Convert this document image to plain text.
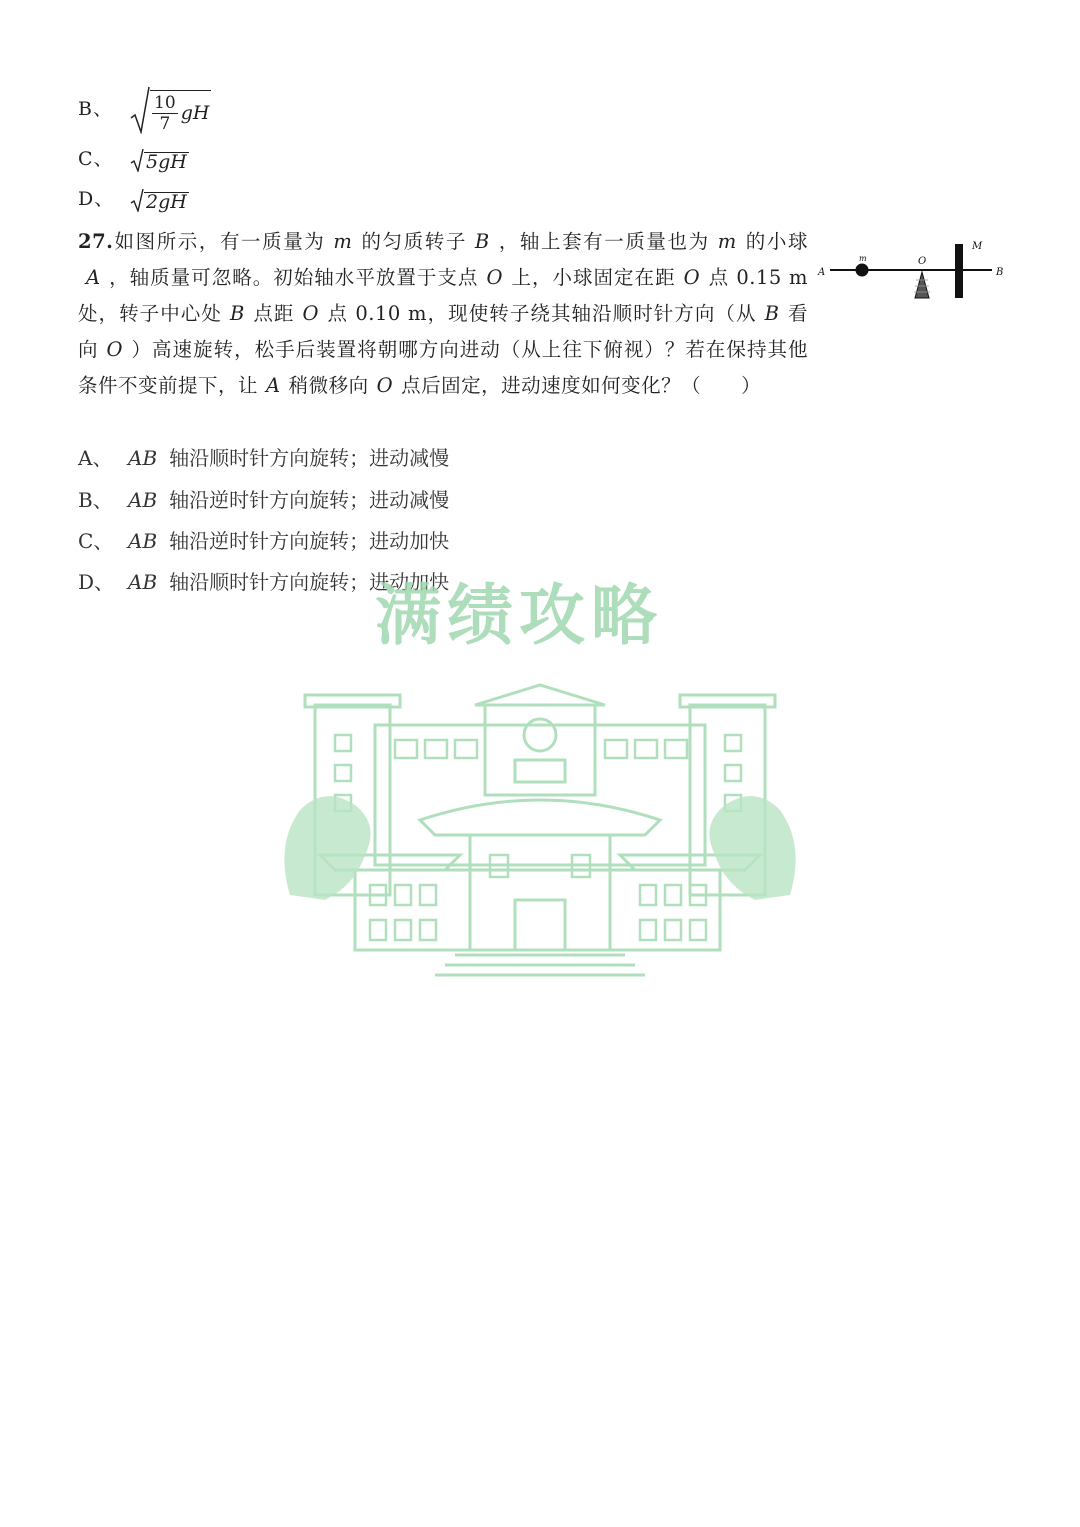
B、 $\frac{10}{7}$ gH
C、 5gH
D、 2gH
27.如图所示，有一质量为 m 的匀质转子 B ，轴上套有一质量也为 m 的小球A ，轴质量可忽略。初始轴水平放置于支点 O 上，小球固定在距 O 点 0.15 m 处，转子中心处 B 点距 O 点 0.10 m，现使转子绕其轴沿顺时针方向（从 B 看向 O ）高速旋转，松手后装置将朝哪方向进动（从上往下俯视）？若在保持其他条件不变前提下，让 A 稍微移向 O 点后固定，进动速度如何变化？（　　）
A
m	O
M
B
A、 AB 轴沿顺时针方向旋转；进动减慢
B、 AB 轴沿逆时针方向旋转；进动减慢
C、 AB 轴沿逆时针方向旋转；进动加快
D、 AB 轴沿顺时针方向旋转；进动加快
满绩攻略
